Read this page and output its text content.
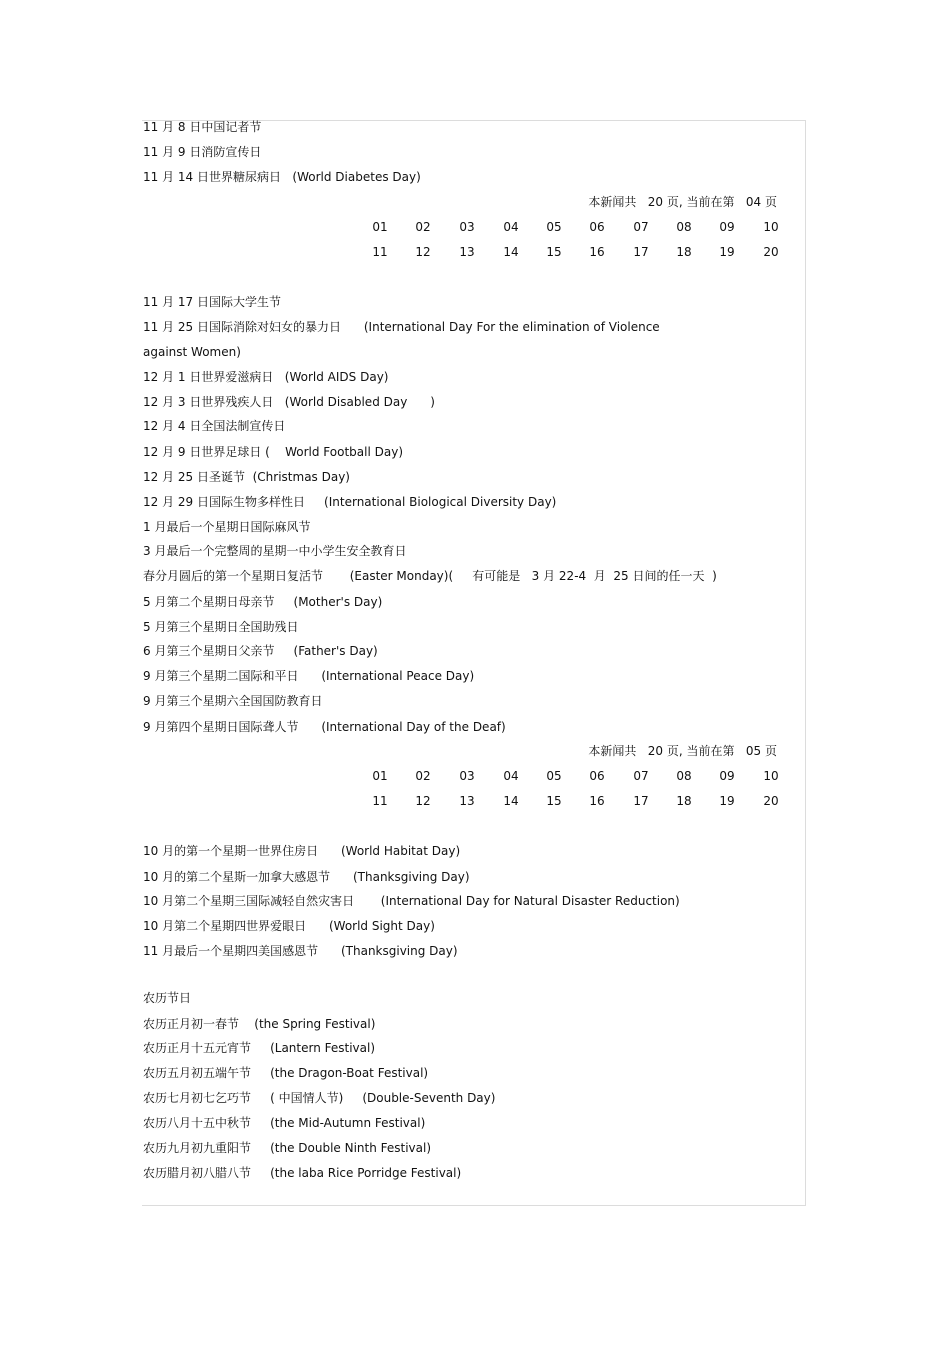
11 月 8 日中国记者节
11 月 9 日消防宣传日
11 月 14 日世界糖尿病日   (World Diabetes Day)
本新闻共   20 页, 当前在第   04 页
01	02	03	04	05	06	07	08	09	10
11	12	13	14	15	16	17	18	19	20
11 月 17 日国际大学生节
11 月 25 日国际消除对妇女的暴力日      (International Day For the elimination of Violence
against Women)
12 月 1 日世界爱滋病日   (World AIDS Day)
12 月 3 日世界残疾人日   (World Disabled Day      )
12 月 4 日全国法制宣传日
12 月 9 日世界足球日 (    World Football Day)
12 月 25 日圣诞节  (Christmas Day)
12 月 29 日国际生物多样性日     (International Biological Diversity Day)
1 月最后一个星期日国际麻风节
3 月最后一个完整周的星期一中小学生安全教育日
春分月圆后的第一个星期日复活节       (Easter Monday)(     有可能是   3 月 22-4  月  25 日间的任一天  )
5 月第二个星期日母亲节     (Mother's Day)
5 月第三个星期日全国助残日
6 月第三个星期日父亲节     (Father's Day)
9 月第三个星期二国际和平日      (International Peace Day)
9 月第三个星期六全国国防教育日
9 月第四个星期日国际聋人节      (International Day of the Deaf)
本新闻共   20 页, 当前在第   05 页
01	02	03	04	05	06	07	08	09	10
11	12	13	14	15	16	17	18	19	20
10 月的第一个星期一世界住房日      (World Habitat Day)
10 月的第二个星斯一加拿大感恩节      (Thanksgiving Day)
10 月第二个星期三国际减轻自然灾害日       (International Day for Natural Disaster Reduction)
10 月第二个星期四世界爱眼日      (World Sight Day)
11 月最后一个星期四美国感恩节      (Thanksgiving Day)
农历节日
农历正月初一春节    (the Spring Festival)
农历正月十五元宵节     (Lantern Festival)
农历五月初五端午节     (the Dragon-Boat Festival)
农历七月初七乞巧节     ( 中国情人节)     (Double-Seventh Day)
农历八月十五中秋节     (the Mid-Autumn Festival)
农历九月初九重阳节     (the Double Ninth Festival)
农历腊月初八腊八节     (the laba Rice Porridge Festival)
